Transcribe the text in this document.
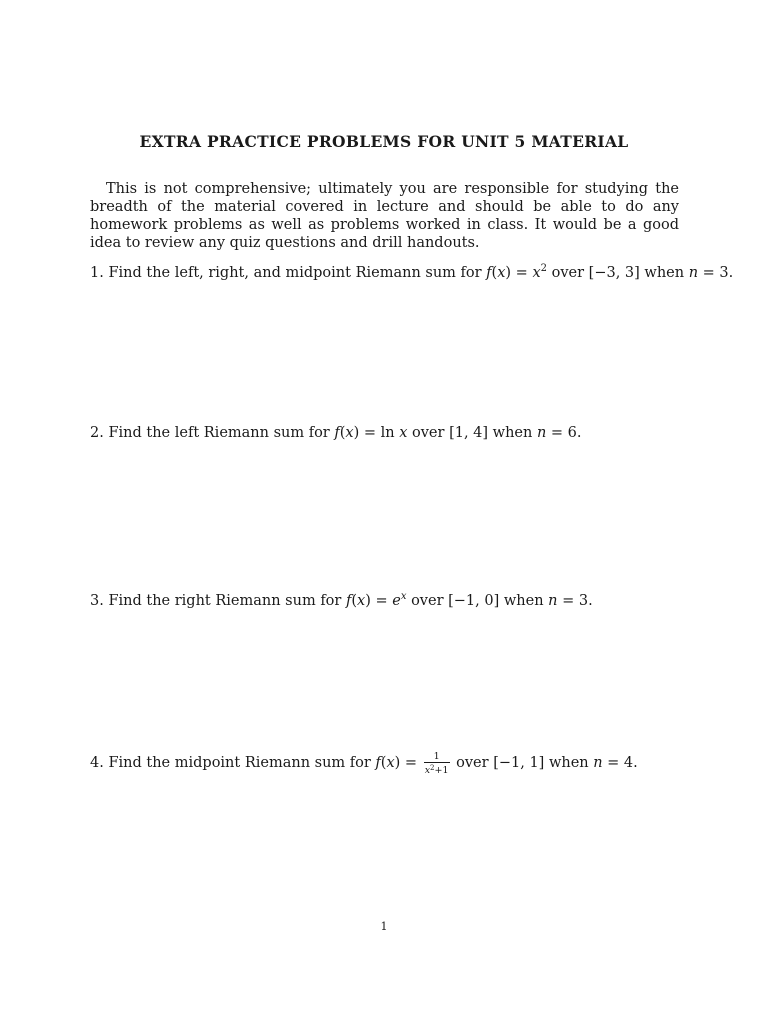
EXTRA PRACTICE PROBLEMS FOR UNIT 5 MATERIAL

This is not comprehensive; ultimately you are responsible for studying the breadth of the material covered in lecture and should be able to do any homework problems as well as problems worked in class. It would be a good idea to review any quiz questions and drill handouts.

1. Find the left, right, and midpoint Riemann sum for $f(x) = x^2$ over [−3, 3] when n = 3.
2. Find the left Riemann sum for f(x) = ln x over [1, 4] when n = 6.
3. Find the right Riemann sum for $f(x) = e^x$ over [−1, 0] when n = 3.
4. Find the midpoint Riemann sum for $f(x) = \frac{1}{x^2+1}$ over [−1, 1] when n = 4.
1
